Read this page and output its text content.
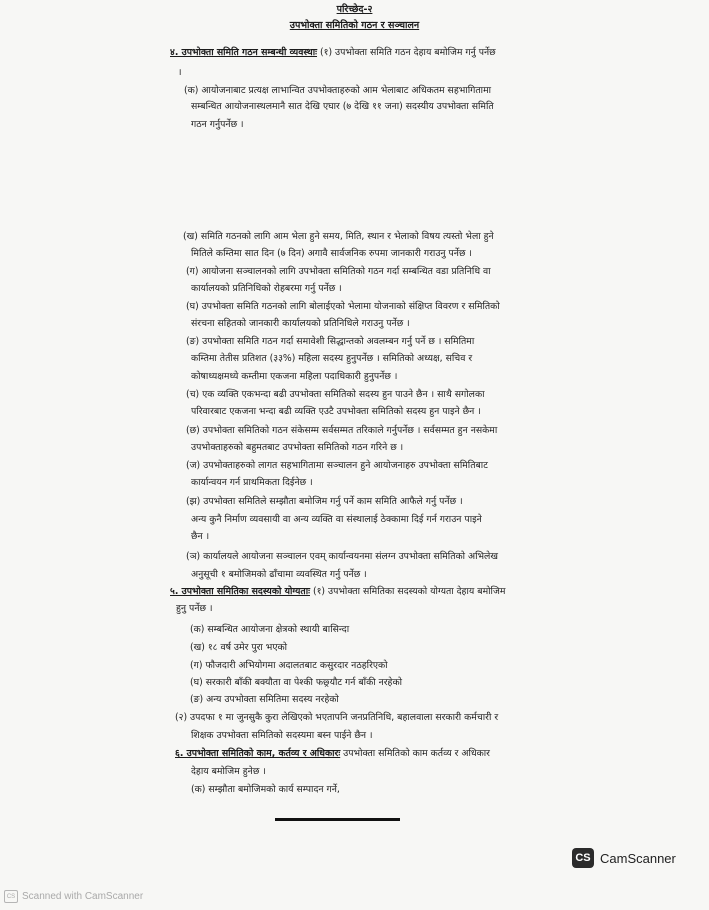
परिच्छेद-२
उपभोक्ता समितिको गठन र सञ्चालन
४. उपभोक्ता समिति गठन सम्बन्धी व्यवस्थाः (१) उपभोक्ता समिति गठन देहाय बमोजिम गर्नु पर्नेछ
।
(क) आयोजनाबाट प्रत्यक्ष लाभान्वित उपभोक्ताहरुको आम भेलाबाट अधिकतम सहभागितामा
सम्बन्धित आयोजनास्थलमानै सात देखि एघार (७ देखि ११ जना) सदस्यीय उपभोक्ता समिति
गठन गर्नुपर्नेछ ।
(ख) समिति गठनको लागि आम भेला हुने समय, मिति, स्थान र भेलाको विषय त्यस्तो भेला हुने
मितिले कम्तिमा सात दिन (७ दिन) अगावै सार्वजनिक रुपमा जानकारी गराउनु पर्नेछ ।
(ग) आयोजना सञ्चालनको लागि उपभोक्ता समितिको गठन गर्दा सम्बन्धित वडा प्रतिनिधि वा
कार्यालयको प्रतिनिधिको रोहबरमा गर्नु पर्नेछ ।
(घ) उपभोक्ता समिति गठनको लागि बोलाईएको भेलामा योजनाको संक्षिप्त विवरण र समितिको
संरचना सहितको जानकारी कार्यालयको प्रतिनिधिले गराउनु पर्नेछ ।
(ङ) उपभोक्ता समिति गठन गर्दा समावेशी सिद्धान्तको अवलम्बन गर्नु पर्ने छ । समितिमा
कम्तिमा तेतीस प्रतिशत (३३%) महिला सदस्य हुनुपर्नेछ । समितिको अध्यक्ष, सचिव र
कोषाध्यक्षमध्ये कम्तीमा एकजना महिला पदाधिकारी हुनुपर्नेछ ।
(च) एक व्यक्ति एकभन्दा बढी उपभोक्ता समितिको सदस्य हुन पाउने छैन । साथै सगोलका
परिवारबाट एकजना भन्दा बढी व्यक्ति एउटै उपभोक्ता समितिको सदस्य हुन पाइने छैन ।
(छ) उपभोक्ता समितिको गठन संकेसम्म सर्वसम्मत तरिकाले गर्नुपर्नेछ । सर्वसम्मत हुन नसकेमा
उपभोक्ताहरुको बहुमतबाट उपभोक्ता समितिको गठन गरिने छ ।
(ज) उपभोक्ताहरुको लागत सहभागितामा सञ्चालन हुने आयोजनाहरु उपभोक्ता समितिबाट
कार्यान्वयन गर्न प्राथमिकता दिईनेछ ।
(झ) उपभोक्ता समितिले सम्झौता बमोजिम गर्नु पर्ने काम समिति आफैले गर्नु पर्नेछ ।
अन्य कुनै निर्माण व्यवसायी वा अन्य व्यक्ति वा संस्थालाई ठेक्कामा दिई गर्न गराउन पाइने
छैन ।
(ञ) कार्यालयले आयोजना सञ्चालन एवम् कार्यान्वयनमा संलग्न उपभोक्ता समितिको अभिलेख
अनुसूची १ बमोजिमको ढाँचामा व्यवस्थित गर्नु पर्नेछ ।
५. उपभोक्ता समितिका सदस्यको योग्यताः (१) उपभोक्ता समितिका सदस्यको योग्यता देहाय बमोजिम
हुनु पर्नेछ ।
(क) सम्बन्धित आयोजना क्षेत्रको स्थायी बासिन्दा
(ख) १८ वर्ष उमेर पुरा भएको
(ग) फौजदारी अभियोगमा अदालतबाट कसुरदार नठहरिएको
(घ) सरकारी बाँकी बक्यौता वा पेश्की फछ्र्यौट गर्न बाँकी नरहेको
(ङ) अन्य उपभोक्ता समितिमा सदस्य नरहेको
(२) उपदफा १ मा जुनसुकै कुरा लेखिएको भएतापनि जनप्रतिनिधि, बहालवाला सरकारी कर्मचारी र
शिक्षक उपभोक्ता समितिको सदस्यमा बस्न पाईने छैन ।
६. उपभोक्ता समितिको काम, कर्तव्य र अधिकारः उपभोक्ता समितिको काम कर्तव्य र अधिकार
देहाय बमोजिम हुनेछ ।
(क) सम्झौता बमोजिमको कार्य सम्पादन गर्ने,
CS CamScanner
CS Scanned with CamScanner
